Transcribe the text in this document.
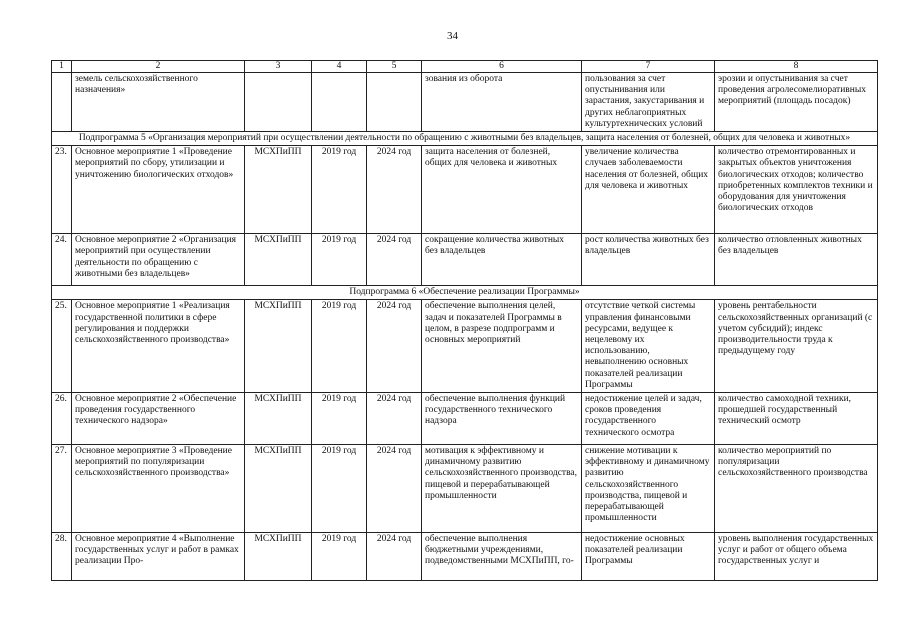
34
1	2	3	4	5	6	7	8
	земель сельскохозяйственного назначения»				зования из оборота	пользования за счет опустынивания или зарастания, закустаривания и других неблагоприятных культуртехнических условий	эрозии и опустынивания за счет проведения агролесомелиоративных мероприятий (площадь посадок)
Подпрограмма 5 «Организация мероприятий при осуществлении деятельности по обращению с животными без владельцев, защита населения от болезней, общих для человека и животных»							
23.	Основное мероприятие 1 «Проведение мероприятий по сбору, утилизации и уничтожению биологических отходов»	МСХПиПП	2019 год	2024 год	защита населения от болезней, общих для человека и животных	увеличение количества случаев заболеваемости населения от болезней, общих для человека и животных	количество отремонтированных и закрытых объектов уничтожения биологических отходов; количество приобретенных комплектов техники и оборудования для уничтожения биологических отходов
24.	Основное мероприятие 2 «Организация мероприятий при осуществлении деятельности по обращению с животными без владельцев»	МСХПиПП	2019 год	2024 год	сокращение количества животных без владельцев	рост количества животных без владельцев	количество отловленных животных без владельцев
Подпрограмма 6 «Обеспечение реализации Программы»							
25.	Основное мероприятие 1 «Реализация государственной политики в сфере регулирования и поддержки сельскохозяйственного производства»	МСХПиПП	2019 год	2024 год	обеспечение выполнения целей, задач и показателей Программы в целом, в разрезе подпрограмм и основных мероприятий	отсутствие четкой системы управления финансовыми ресурсами, ведущее к нецелевому их использованию, невыполнению основных показателей реализации Программы	уровень рентабельности сельскохозяйственных организаций (с учетом субсидий); индекс производительности труда к предыдущему году
26.	Основное мероприятие 2 «Обеспечение проведения государственного технического надзора»	МСХПиПП	2019 год	2024 год	обеспечение выполнения функций государственного технического надзора	недостижение целей и задач, сроков проведения государственного технического осмотра	количество самоходной техники, прошедшей государственный технический осмотр
27.	Основное мероприятие 3 «Проведение мероприятий по популяризации сельскохозяйственного производства»	МСХПиПП	2019 год	2024 год	мотивация к эффективному и динамичному развитию сельскохозяйственного производства, пищевой и перерабатывающей промышленности	снижение мотивации к эффективному и динамичному развитию сельскохозяйственного производства, пищевой и перерабатывающей промышленности	количество мероприятий по популяризации сельскохозяйственного производства
28.	Основное мероприятие 4 «Выполнение государственных услуг и работ в рамках реализации Про-	МСХПиПП	2019 год	2024 год	обеспечение выполнения бюджетными учреждениями, подведомственными МСХПиПП, го-	недостижение основных показателей реализации Программы	уровень выполнения государственных услуг и работ от общего объема государственных услуг и
